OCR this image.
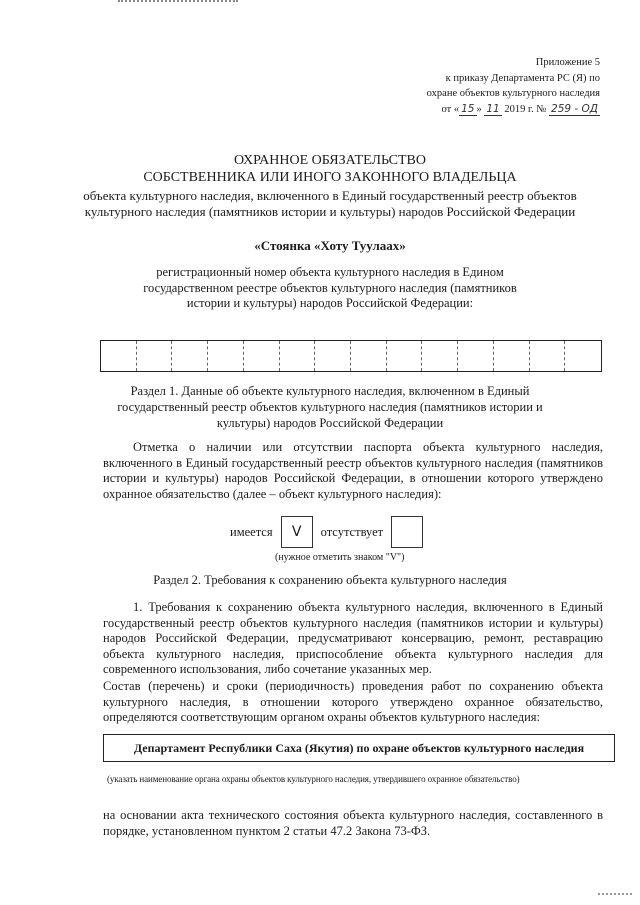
Приложение 5
к приказу Департамента РС (Я) по
охране объектов культурного наследия
от « 15 » 11 2019 г. № 259 - ОД
ОХРАННОЕ ОБЯЗАТЕЛЬСТВО
СОБСТВЕННИКА ИЛИ ИНОГО ЗАКОННОГО ВЛАДЕЛЬЦА
объекта культурного наследия, включенного в Единый государственный реестр объектов
культурного наследия (памятников истории и культуры) народов Российской Федерации
«Стоянка «Хоту Туулаах»
регистрационный номер объекта культурного наследия в Едином государственном реестре объектов культурного наследия (памятников истории и культуры) народов Российской Федерации:
Раздел 1. Данные об объекте культурного наследия, включенном в Единый государственный реестр объектов культурного наследия (памятников истории и культуры) народов Российской Федерации
Отметка о наличии или отсутствии паспорта объекта культурного наследия, включенного в Единый государственный реестр объектов культурного наследия (памятников истории и культуры) народов Российской Федерации, в отношении которого утверждено охранное обязательство (далее – объект культурного наследия):
имеется	V	отсутствует
(нужное отметить знаком "V")
Раздел 2. Требования к сохранению объекта культурного наследия
1. Требования к сохранению объекта культурного наследия, включенного в Единый государственный реестр объектов культурного наследия (памятников истории и культуры) народов Российской Федерации, предусматривают консервацию, ремонт, реставрацию объекта культурного наследия, приспособление объекта культурного наследия для современного использования, либо сочетание указанных мер.
Состав (перечень) и сроки (периодичность) проведения работ по сохранению объекта культурного наследия, в отношении которого утверждено охранное обязательство, определяются соответствующим органом охраны объектов культурного наследия:
Департамент Республики Саха (Якутия) по охране объектов культурного наследия
(указать наименование органа охраны объектов культурного наследия, утвердившего охранное обязательство)
на основании акта технического состояния объекта культурного наследия, составленного в порядке, установленном пунктом 2 статьи 47.2 Закона 73-ФЗ.
